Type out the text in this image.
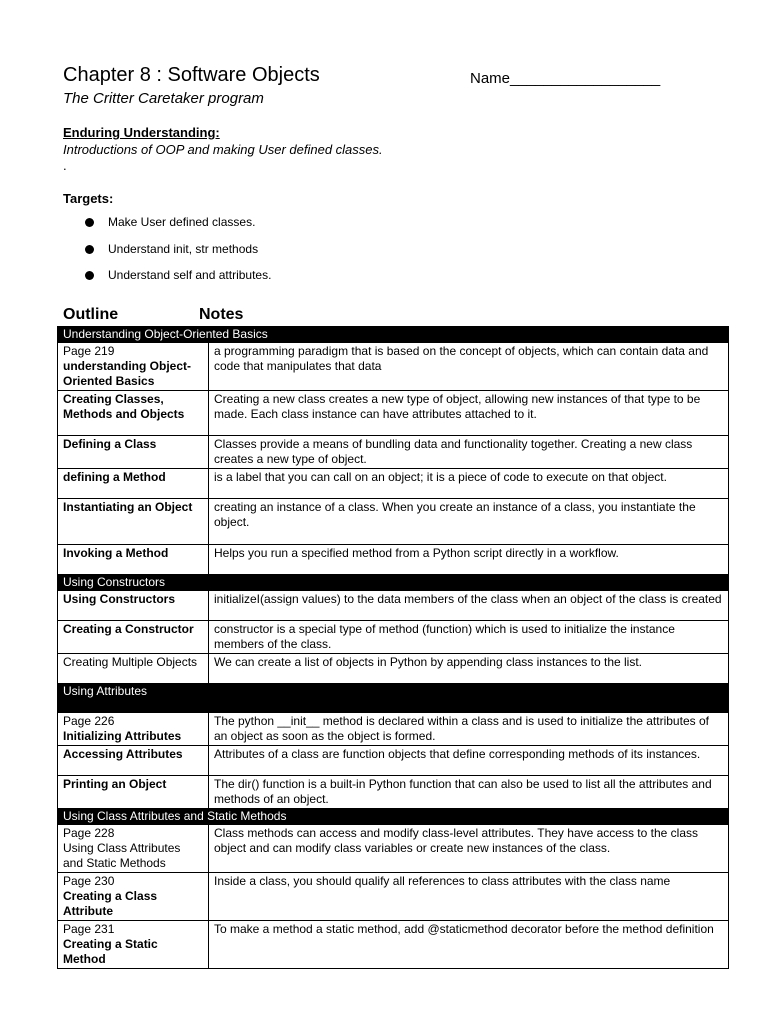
Chapter 8 : Software Objects	Name__________________
The Critter Caretaker program
Enduring Understanding:
Introductions of OOP and making User defined classes.
.
Targets:
Make User defined classes.
Understand init, str methods
Understand self and attributes.
Outline	Notes
Understanding Object-Oriented Basics	

Page 219
understanding Object-Oriented Basics	a programming paradigm that is based on the concept of objects, which can contain data and code that manipulates that data

Creating Classes, Methods and Objects	Creating a new class creates a new type of object, allowing new instances of that type to be made. Each class instance can have attributes attached to it.

Defining a Class	Classes provide a means of bundling data and functionality together. Creating a new class creates a new type of object.

defining a Method	is a label that you can call on an object; it is a piece of code to execute on that object.

Instantiating an Object	creating an instance of a class. When you create an instance of a class, you instantiate the object.

Invoking a Method	Helps you run a specified method from a Python script directly in a workflow.
Using Constructors	

Using Constructors	initializeI(assign values) to the data members of the class when an object of the class is created

Creating a Constructor	constructor is a special type of method (function) which is used to initialize the instance members of the class.

Creating Multiple Objects	We can create a list of objects in Python by appending class instances to the list.
Using Attributes	

Page 226
Initializing Attributes	The python __init__ method is declared within a class and is used to initialize the attributes of an object as soon as the object is formed.

Accessing Attributes	Attributes of a class are function objects that define corresponding methods of its instances.

Printing an Object	The dir() function is a built-in Python function that can also be used to list all the attributes and methods of an object.
Using Class Attributes and Static Methods	

Page 228
Using Class Attributes and Static Methods	Class methods can access and modify class-level attributes. They have access to the class object and can modify class variables or create new instances of the class.

Page 230
Creating a Class Attribute	Inside a class, you should qualify all references to class attributes with the class name

Page 231
Creating a Static Method	To make a method a static method, add @staticmethod decorator before the method definition
